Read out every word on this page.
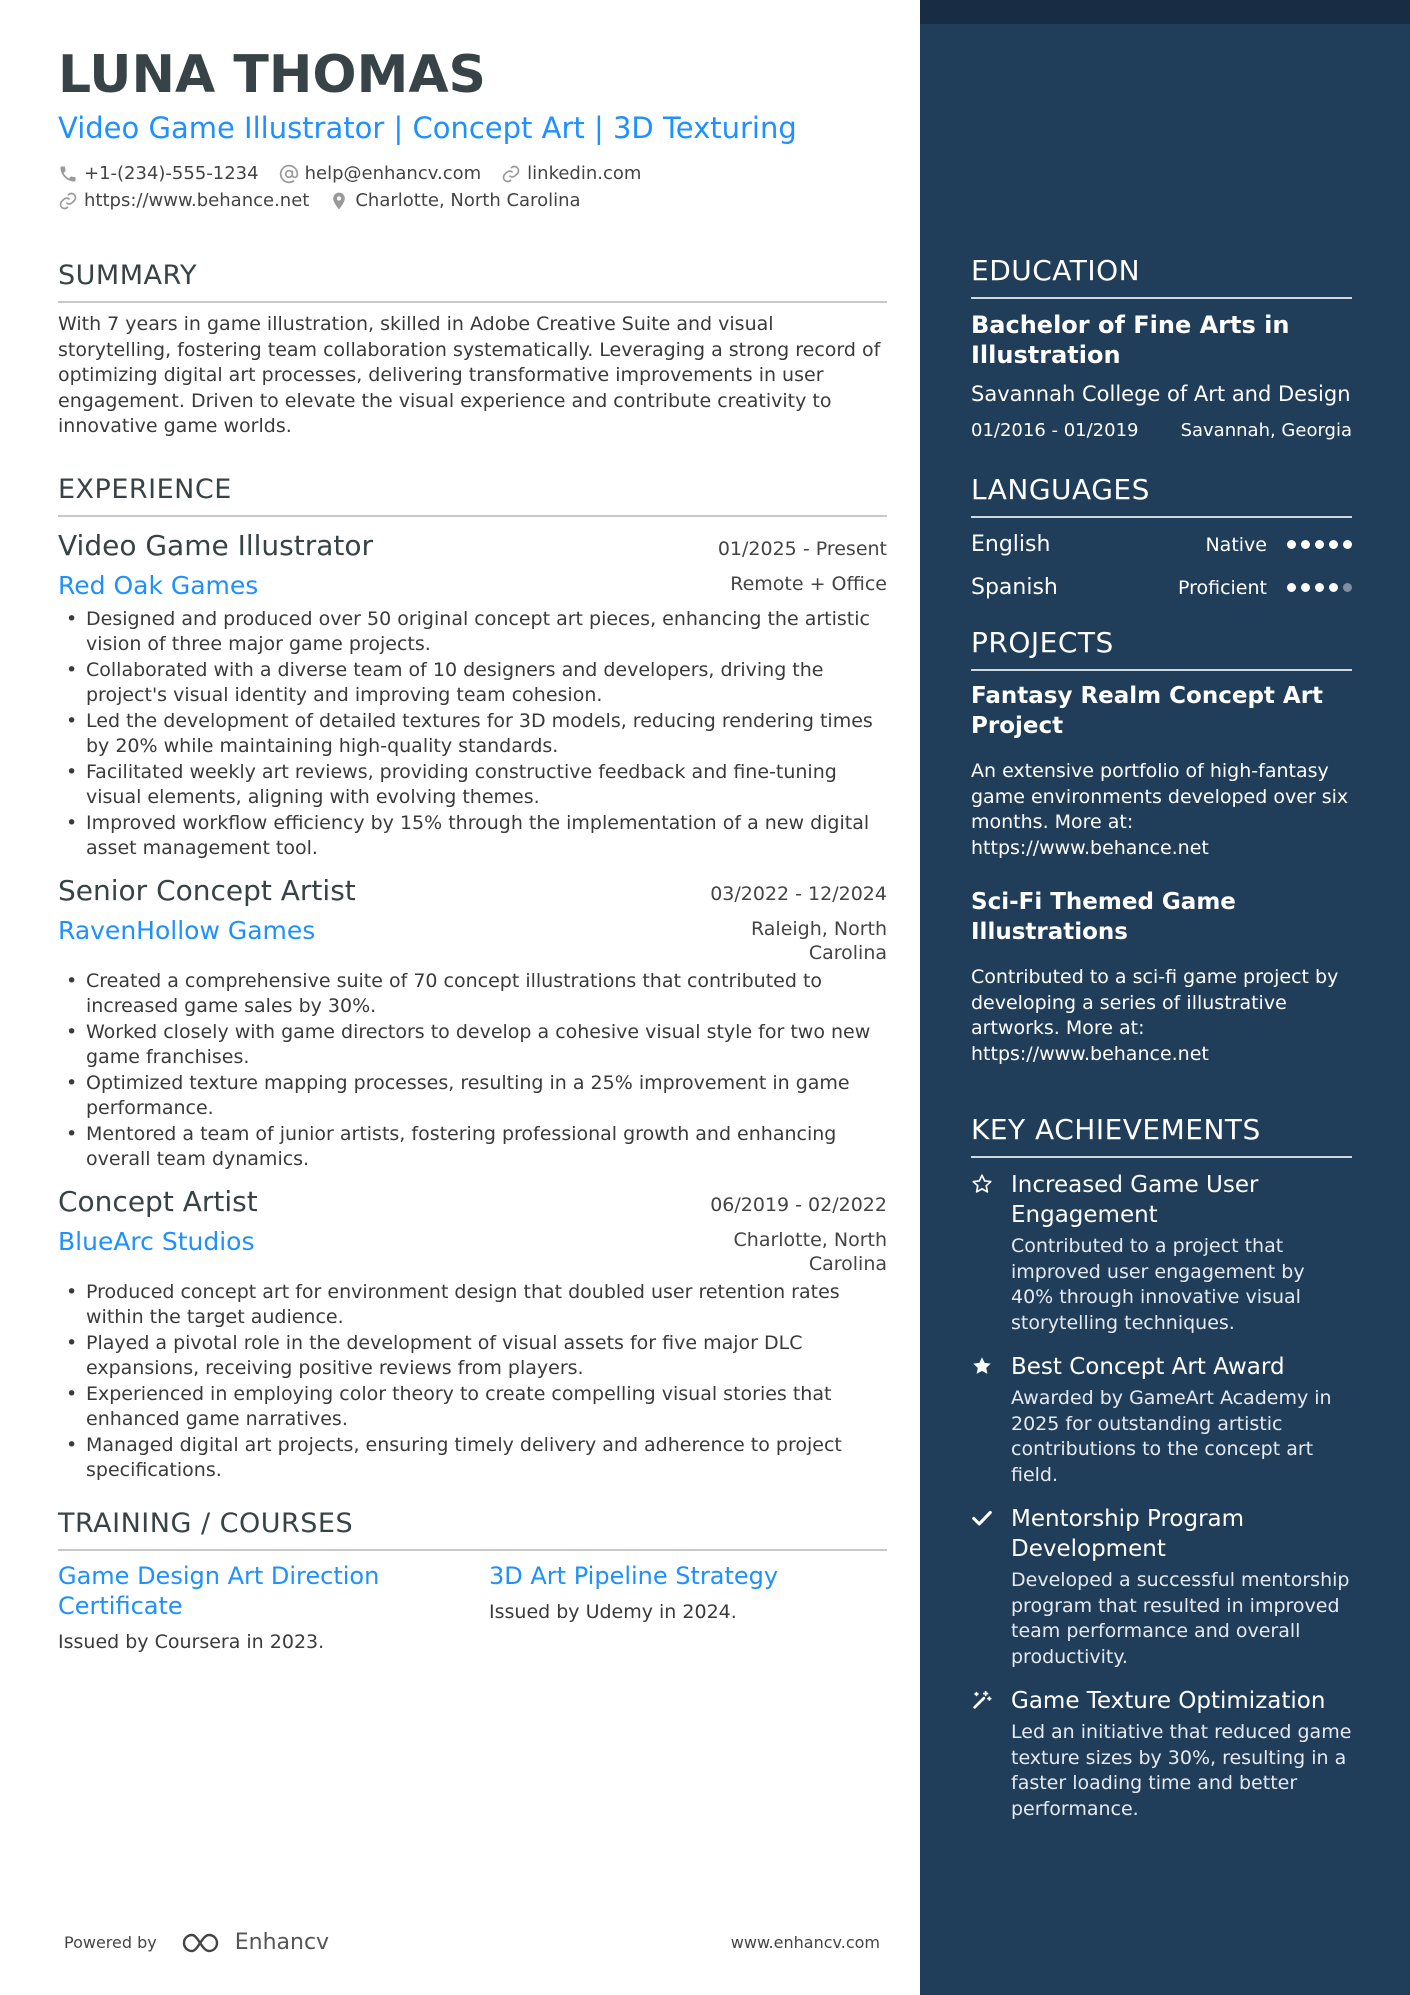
LUNA THOMAS
Video Game Illustrator | Concept Art | 3D Texturing
+1-(234)-555-1234	help@enhancv.com	linkedin.com
https://www.behance.net	Charlotte, North Carolina
SUMMARY
With 7 years in game illustration, skilled in Adobe Creative Suite and visual storytelling, fostering team collaboration systematically. Leveraging a strong record of optimizing digital art processes, delivering transformative improvements in user engagement. Driven to elevate the visual experience and contribute creativity to innovative game worlds.
EXPERIENCE
Video Game Illustrator	01/2025 - Present
Red Oak Games	Remote + Office
• Designed and produced over 50 original concept art pieces, enhancing the artistic vision of three major game projects.
• Collaborated with a diverse team of 10 designers and developers, driving the project's visual identity and improving team cohesion.
• Led the development of detailed textures for 3D models, reducing rendering times by 20% while maintaining high-quality standards.
• Facilitated weekly art reviews, providing constructive feedback and fine-tuning visual elements, aligning with evolving themes.
• Improved workflow efficiency by 15% through the implementation of a new digital asset management tool.
Senior Concept Artist	03/2022 - 12/2024
RavenHollow Games	Raleigh, North Carolina
• Created a comprehensive suite of 70 concept illustrations that contributed to increased game sales by 30%.
• Worked closely with game directors to develop a cohesive visual style for two new game franchises.
• Optimized texture mapping processes, resulting in a 25% improvement in game performance.
• Mentored a team of junior artists, fostering professional growth and enhancing overall team dynamics.
Concept Artist	06/2019 - 02/2022
BlueArc Studios	Charlotte, North Carolina
• Produced concept art for environment design that doubled user retention rates within the target audience.
• Played a pivotal role in the development of visual assets for five major DLC expansions, receiving positive reviews from players.
• Experienced in employing color theory to create compelling visual stories that enhanced game narratives.
• Managed digital art projects, ensuring timely delivery and adherence to project specifications.
TRAINING / COURSES
Game Design Art Direction Certificate
Issued by Coursera in 2023.
3D Art Pipeline Strategy
Issued by Udemy in 2024.
Powered by	Enhancv	www.enhancv.com
EDUCATION
Bachelor of Fine Arts in Illustration
Savannah College of Art and Design
01/2016 - 01/2019 Savannah, Georgia
LANGUAGES
English	Native
Spanish	Proficient
PROJECTS
Fantasy Realm Concept Art Project
An extensive portfolio of high-fantasy game environments developed over six months. More at: https://www.behance.net
Sci-Fi Themed Game Illustrations
Contributed to a sci-fi game project by developing a series of illustrative artworks. More at: https://www.behance.net
KEY ACHIEVEMENTS
Increased Game User Engagement
Contributed to a project that improved user engagement by 40% through innovative visual storytelling techniques.
Best Concept Art Award
Awarded by GameArt Academy in 2025 for outstanding artistic contributions to the concept art field.
Mentorship Program Development
Developed a successful mentorship program that resulted in improved team performance and overall productivity.
Game Texture Optimization
Led an initiative that reduced game texture sizes by 30%, resulting in a faster loading time and better performance.
